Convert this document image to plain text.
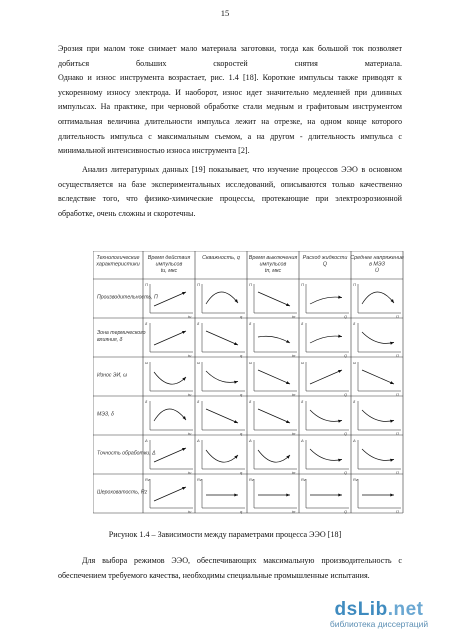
15
Эрозия при малом токе снимает мало материала заготовки, тогда как большой ток позволяет
добиться больших скоростей снятия материала.
Однако и износ инструмента возрастает, рис. 1.4 [18]. Короткие импульсы также приводят к
ускоренному износу электрода. И наоборот, износ идет значительно медленней при длинных
импульсах. На практике, при черновой обработке стали медным и графитовым инструментом
оптимальная величина длительности импульса лежит на отрезке, на одном конце которого
длительность импульса с максимальным съемом, а на другом - длительность импульса с
минимальной интенсивностью износа инструмента [2].
Анализ литературных данных [19] показывает, что изучение процессов ЭЭО в основном
осуществляется на базе экспериментальных исследований, описываются только качественно
вследствие того, что физико-химические процессы, протекающие при электроэрозионной
обработке, очень сложны и скоротечны.
Технологические
характеристики
Время действия
импульсов
tи, мкс
Скважность, q Время выключения
импульсов
tп, мкс
Расход жидкости
Q
Среднее напряжение
в МЭЗ
Ū
Производительность, Π
Зона термического
влияния, δ
Износ ЭИ, ω
МЭЗ, δ
Точность обработки, Δ
Шероховатость, Rz
Π
tи
Π
q
Π
tп
Π
Q
Π
Ū
δ
tи
δ
q
δ
tп
δ
Q
δ
Ū
ω
tи
ω
q
ω
tп
ω
Q
ω
Ū
δ
tи
δ
q
δ
tп
δ
Q
δ
Ū
Δ
tи
Δ
q
Δ
tп
Δ
Q
Δ
Ū
Rz
tи
Rz
q
Rz
tп
Rz
Q
Rz
Ū
Рисунок 1.4 – Зависимости между параметрами процесса ЭЭО [18]
Для выбора режимов ЭЭО, обеспечивающих максимальную производительность с
обеспечением требуемого качества, необходимы специальные промышленные испытания.
dsLib.net
библиотека диссертаций
